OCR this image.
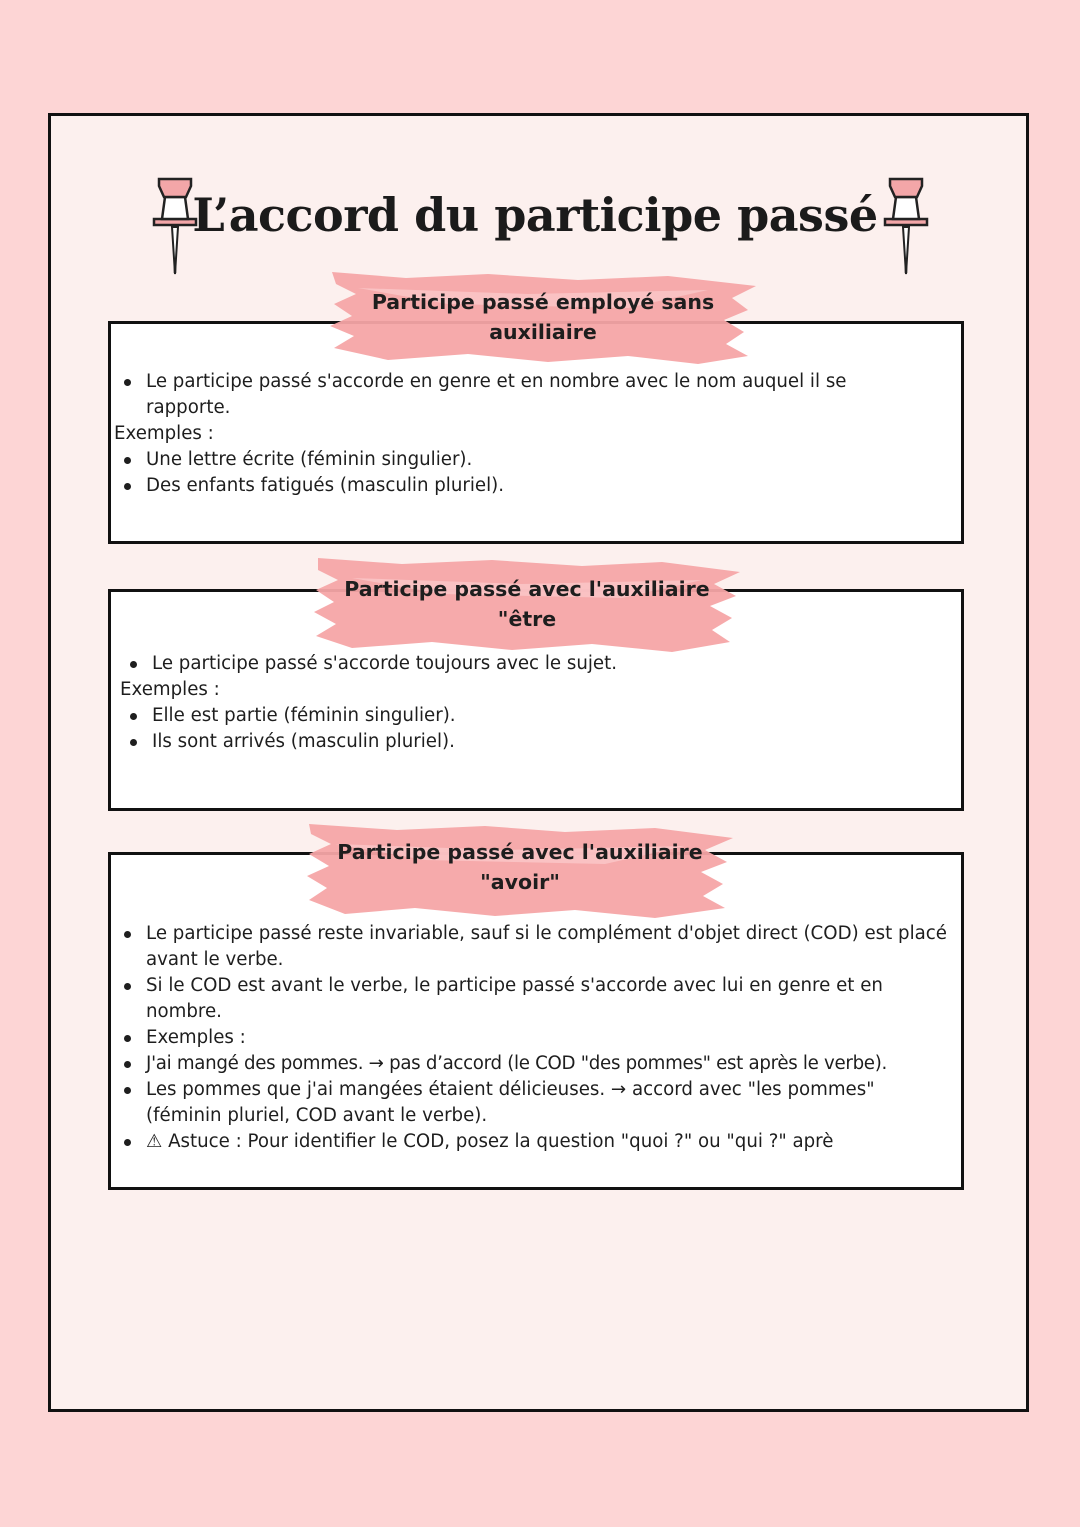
L’accord du participe passé
Participe passé employé sans
auxiliaire
Le participe passé s'accorde en genre et en nombre avec le nom auquel il se rapporte.
Exemples :
Une lettre écrite (féminin singulier).
Des enfants fatigués (masculin pluriel).
Participe passé avec l'auxiliaire
"être
Le participe passé s'accorde toujours avec le sujet.
Exemples :
Elle est partie (féminin singulier).
Ils sont arrivés (masculin pluriel).
Participe passé avec l'auxiliaire
"avoir"
Le participe passé reste invariable, sauf si le complément d'objet direct (COD) est placé avant le verbe.
Si le COD est avant le verbe, le participe passé s'accorde avec lui en genre et en nombre.
Exemples :
J'ai mangé des pommes. → pas d’accord (le COD "des pommes" est après le verbe).
Les pommes que j'ai mangées étaient délicieuses. → accord avec "les pommes" (féminin pluriel, COD avant le verbe).
⚠ Astuce : Pour identifier le COD, posez la question "quoi ?" ou "qui ?" aprè
